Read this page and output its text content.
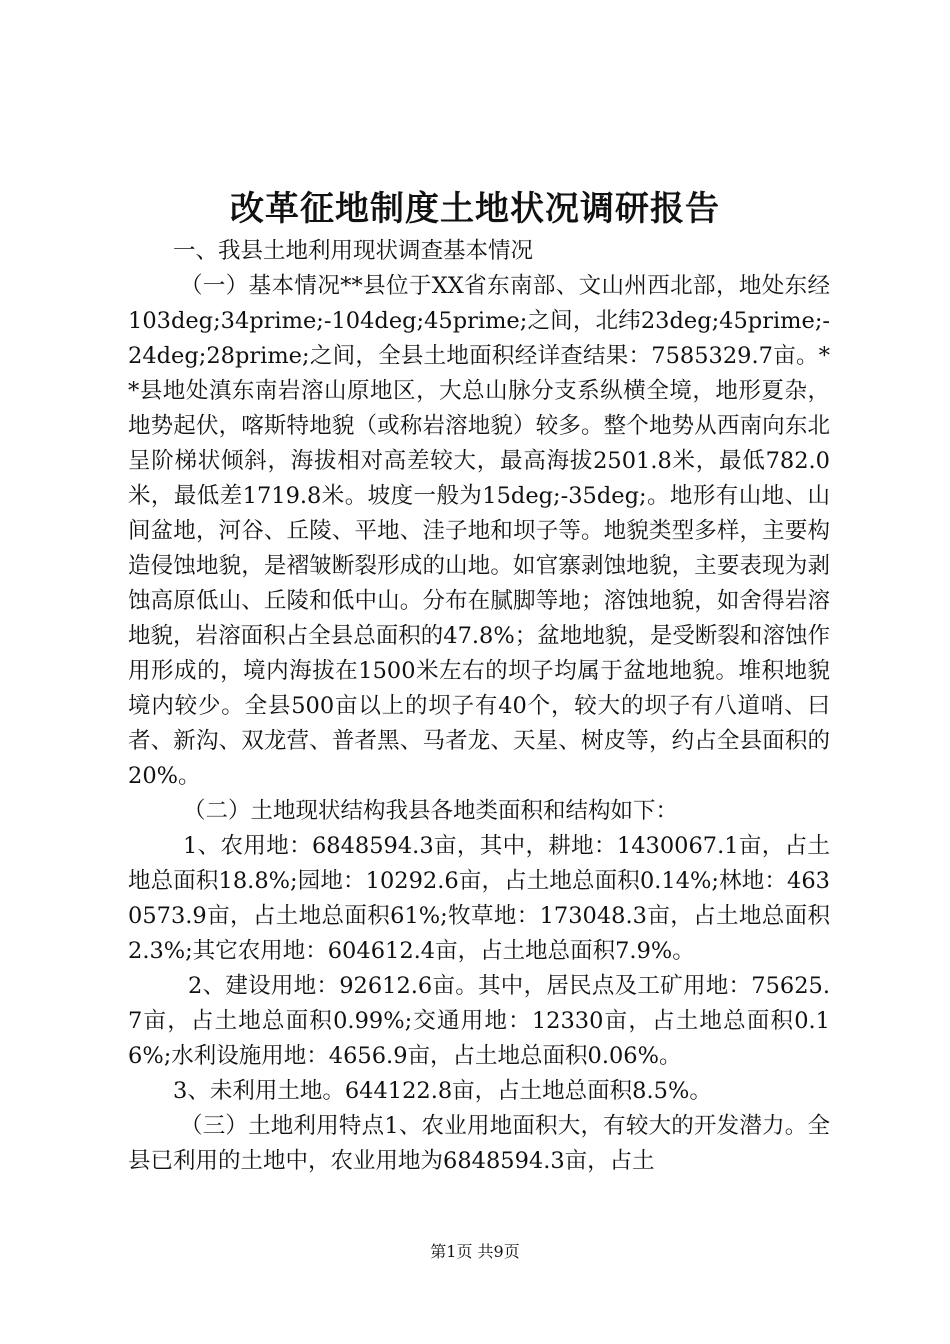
改革征地制度土地状况调研报告

一、我县土地利用现状调查基本情况

（一）基本情况**县位于XX省东南部、文山州西北部，地处东经103deg;34prime;-104deg;45prime;之间，北纬23deg;45prime;-24deg;28prime;之间，全县土地面积经详查结果：7585329.7亩。**县地处滇东南岩溶山原地区，大总山脉分支系纵横全境，地形夏杂，地势起伏，喀斯特地貌（或称岩溶地貌）较多。整个地势从西南向东北呈阶梯状倾斜，海拔相对高差较大，最高海拔2501.8米，最低782.0米，最低差1719.8米。坡度一般为15deg;-35deg;。地形有山地、山间盆地，河谷、丘陵、平地、洼子地和坝子等。地貌类型多样，主要构造侵蚀地貌，是褶皱断裂形成的山地。如官寨剥蚀地貌，主要表现为剥蚀高原低山、丘陵和低中山。分布在腻脚等地；溶蚀地貌，如舍得岩溶地貌，岩溶面积占全县总面积的47.8%；盆地地貌，是受断裂和溶蚀作用形成的，境内海拔在1500米左右的坝子均属于盆地地貌。堆积地貌境内较少。全县500亩以上的坝子有40个，较大的坝子有八道哨、曰者、新沟、双龙营、普者黑、马者龙、天星、树皮等，约占全县面积的20%。

（二）土地现状结构我县各地类面积和结构如下：

1、农用地：6848594.3亩，其中，耕地：1430067.1亩，占土地总面积18.8%;园地：10292.6亩，占土地总面积0.14%;林地：4630573.9亩，占土地总面积61%;牧草地：173048.3亩，占土地总面积2.3%;其它农用地：604612.4亩，占土地总面积7.9%。

2、建设用地：92612.6亩。其中，居民点及工矿用地：75625.7亩，占土地总面积0.99%;交通用地：12330亩，占土地总面积0.16%;水利设施用地：4656.9亩，占土地总面积0.06%。

3、未利用土地。644122.8亩，占土地总面积8.5%。

（三）土地利用特点1、农业用地面积大，有较大的开发潜力。全县已利用的土地中，农业用地为6848594.3亩，占土

第1页 共9页
